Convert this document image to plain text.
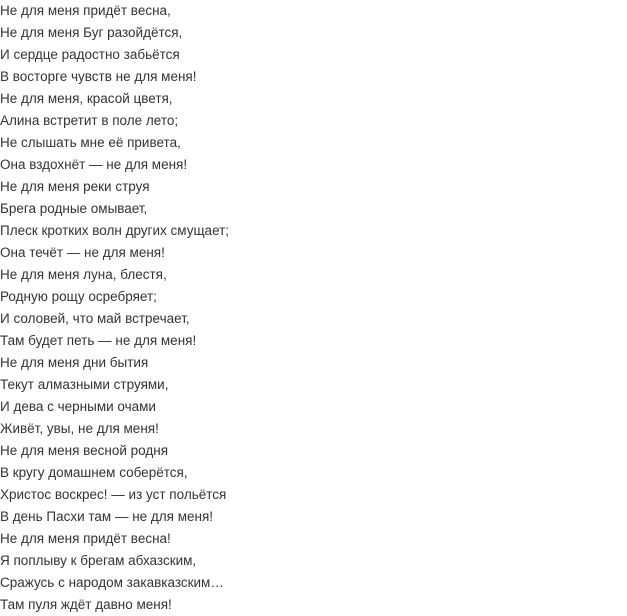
Не для меня придёт весна,
Не для меня Буг разойдётся,
И сердце радостно забьётся
В восторге чувств не для меня!
Не для меня, красой цветя,
Алина встретит в поле лето;
Не слышать мне её привета,
Она вздохнёт — не для меня!
Не для меня реки струя
Брега родные омывает,
Плеск кротких волн других смущает;
Она течёт — не для меня!
Не для меня луна, блестя,
Родную рощу осребряет;
И соловей, что май встречает,
Там будет петь — не для меня!
Не для меня дни бытия
Текут алмазными струями,
И дева с черными очами
Живёт, увы, не для меня!
Не для меня весной родня
В кругу домашнем соберётся,
Христос воскрес! — из уст польётся
В день Пасхи там — не для меня!
Не для меня придёт весна!
Я поплыву к брегам абхазским,
Сражусь с народом закавказским…
Там пуля ждёт давно меня!
